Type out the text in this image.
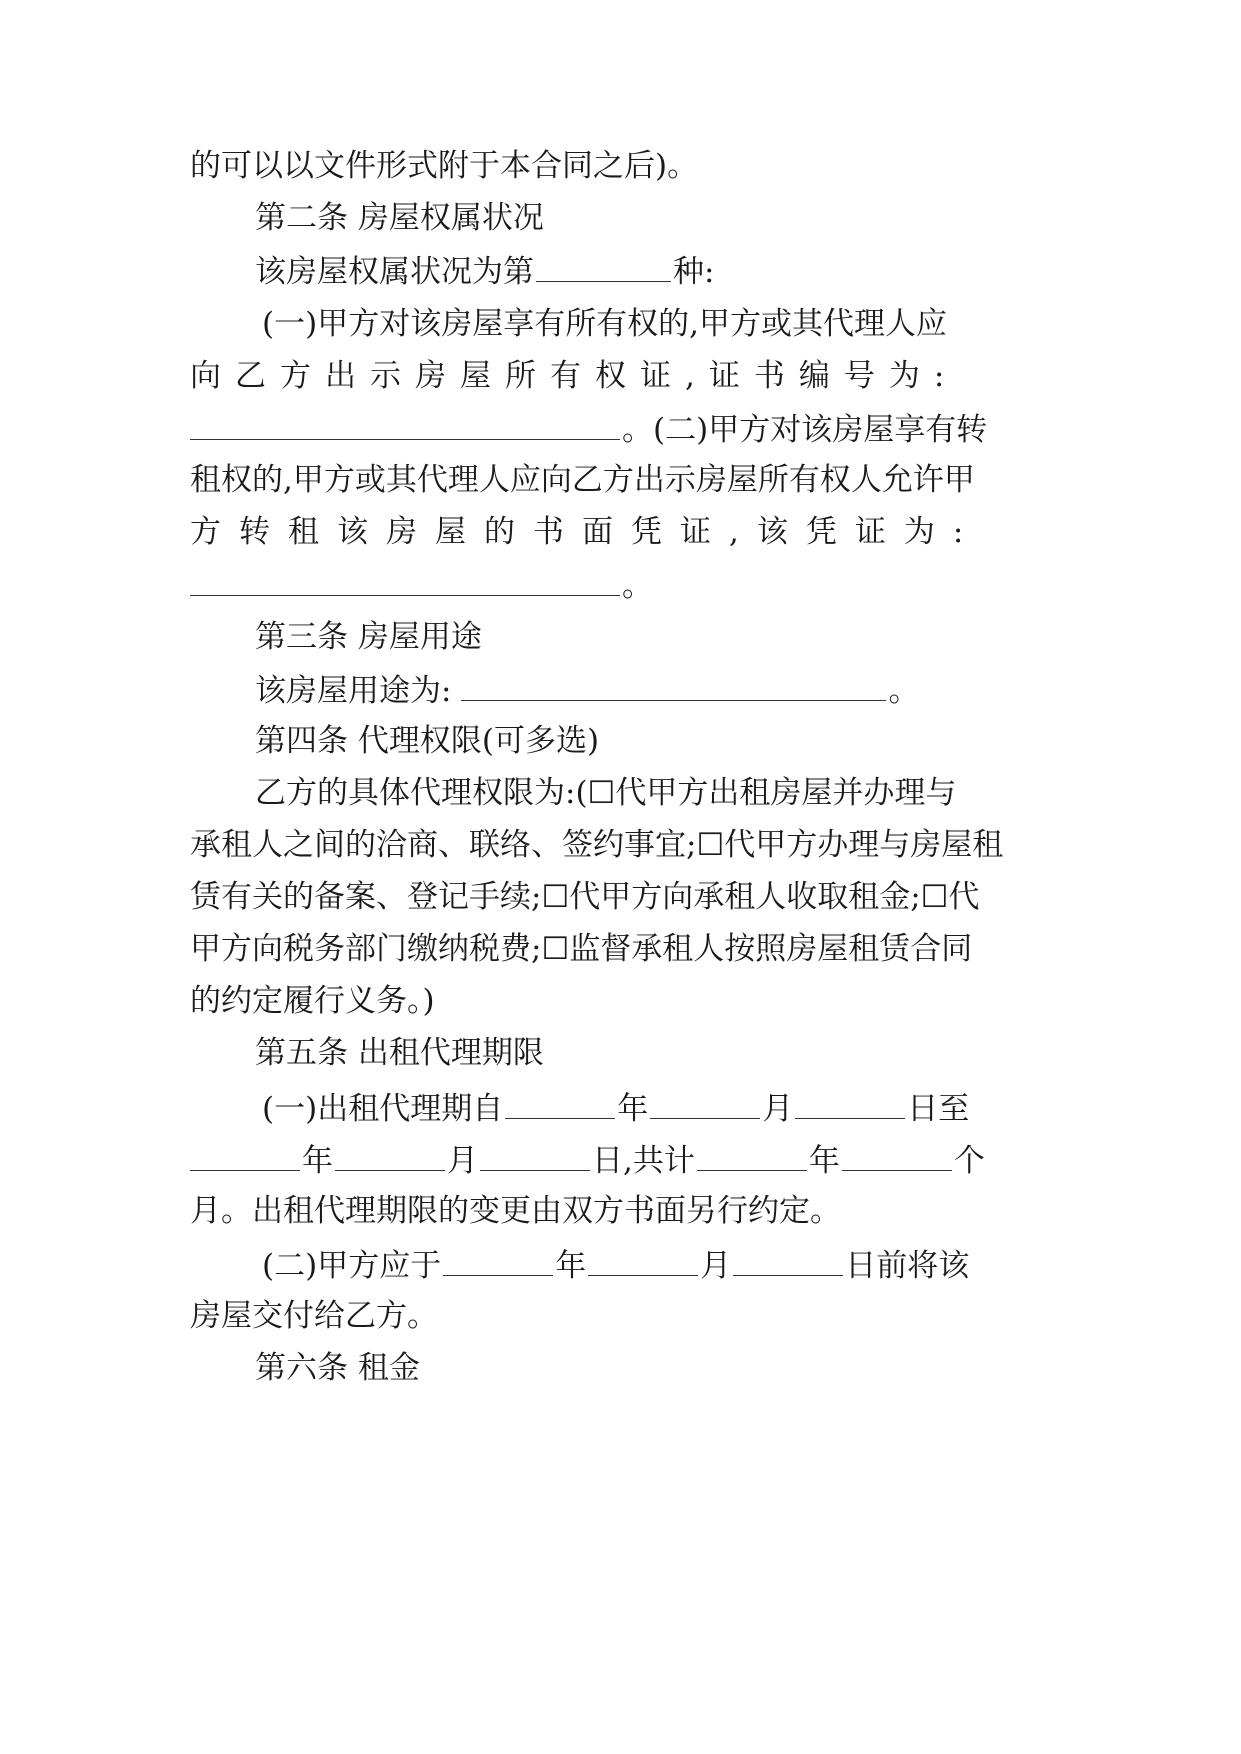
的可以以文件形式附于本合同之后)。
第二条 房屋权属状况
该房屋权属状况为第	种:
(一)甲方对该房屋享有所有权的,甲方或其代理人应
向乙方出示房屋所有权证,证书编号为:
。(二)甲方对该房屋享有转
租权的,甲方或其代理人应向乙方出示房屋所有权人允许甲
方转租该房屋的书面凭证,该凭证为:
。
第三条 房屋用途
该房屋用途为:	。
第四条 代理权限(可多选)
乙方的具体代理权限为:(☐代甲方出租房屋并办理与
承租人之间的洽商、联络、签约事宜;☐代甲方办理与房屋租
赁有关的备案、登记手续;☐代甲方向承租人收取租金;☐代
甲方向税务部门缴纳税费;☐监督承租人按照房屋租赁合同
的约定履行义务。)
第五条 出租代理期限
(一)出租代理期自	年	月	日至
年	月	日,共计	年	个
月。出租代理期限的变更由双方书面另行约定。
(二)甲方应于	年	月	日前将该
房屋交付给乙方。
第六条 租金
